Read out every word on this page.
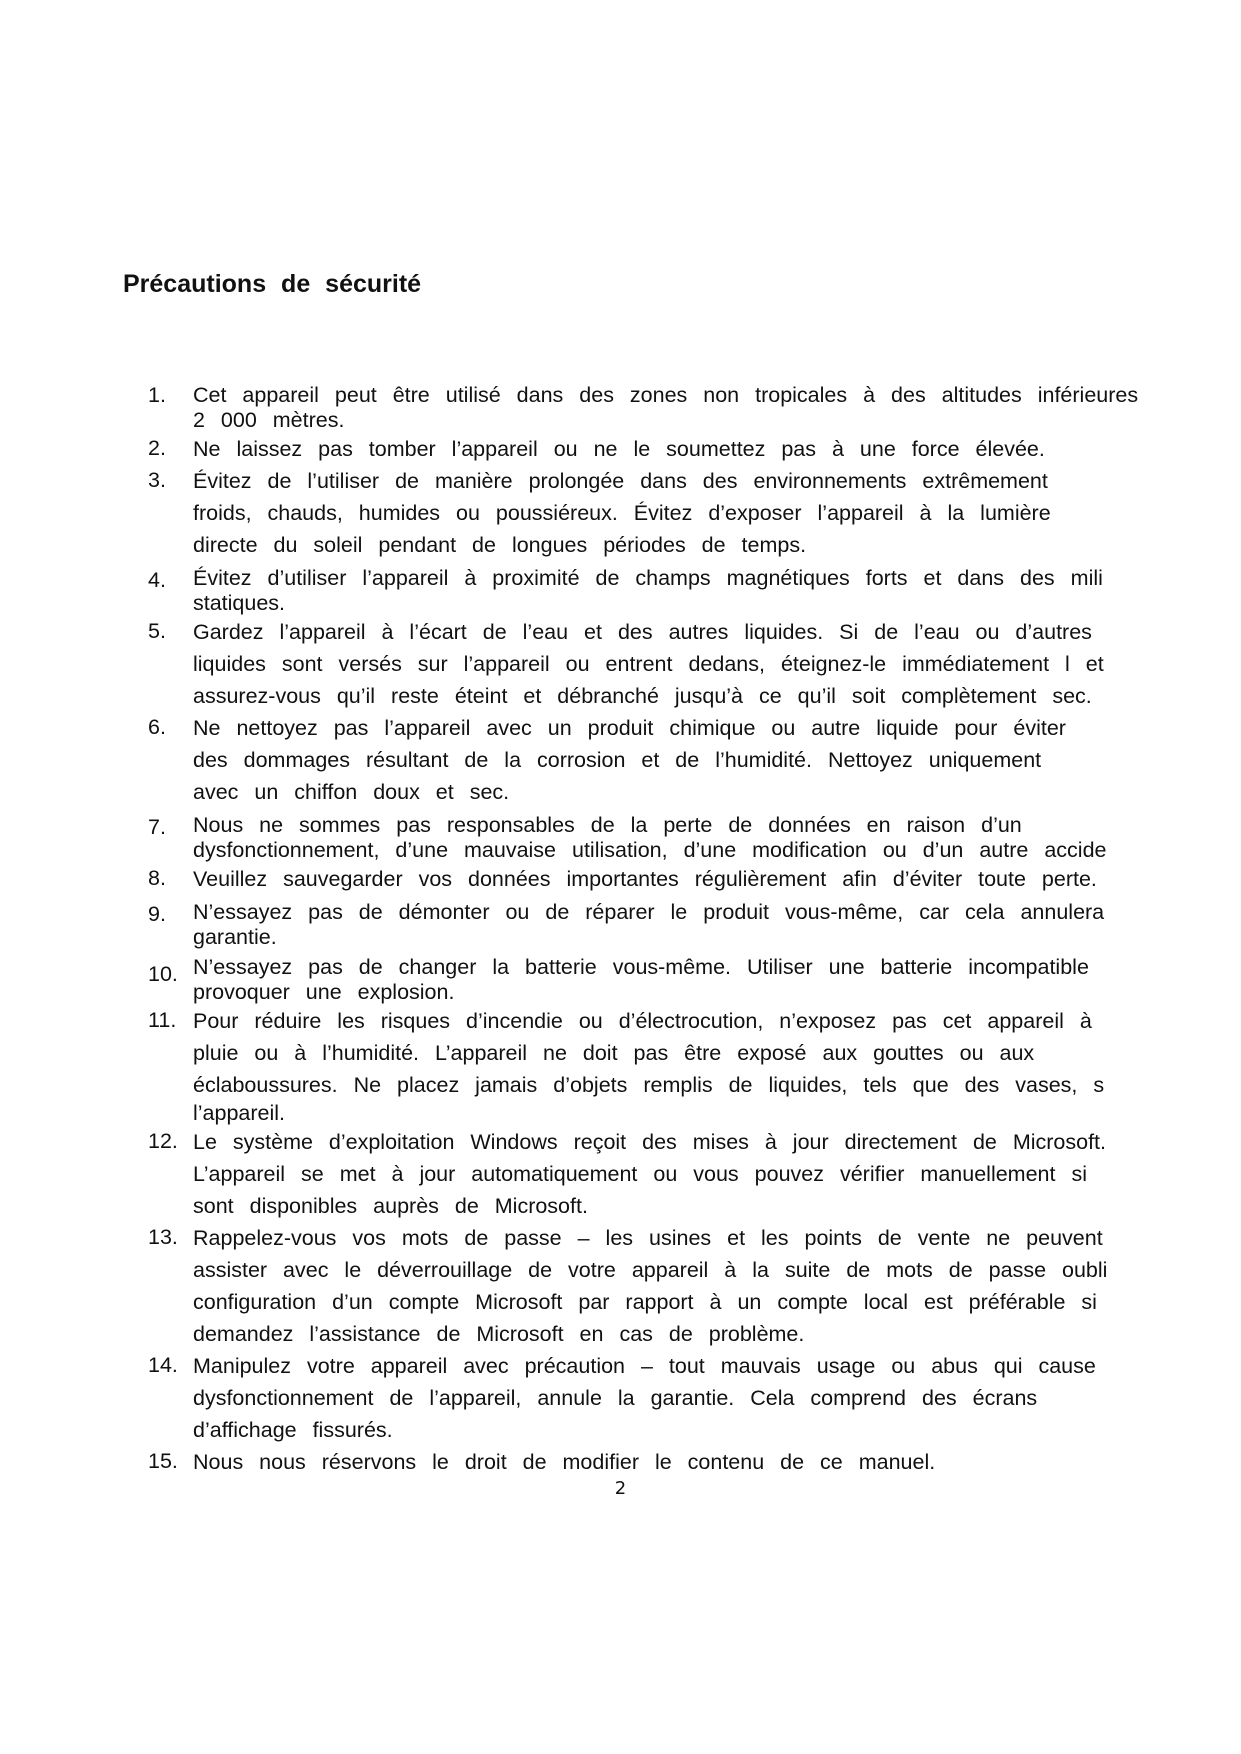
Précautions de sécurité
1.	Cet appareil peut être utilisé dans des zones non tropicales à des altitudes inférieures
2 000 mètres.
2.	Ne laissez pas tomber l’appareil ou ne le soumettez pas à une force élevée.
3.	Évitez de l’utiliser de manière prolongée dans des environnements extrêmement
froids, chauds, humides ou poussiéreux. Évitez d’exposer l’appareil à la lumière
directe du soleil pendant de longues périodes de temps.
4.	Évitez d’utiliser l’appareil à proximité de champs magnétiques forts et dans des mili
statiques.
5.	Gardez l’appareil à l’écart de l’eau et des autres liquides. Si de l’eau ou d’autres
liquides sont versés sur l’appareil ou entrent dedans, éteignez-le immédiatement l et
assurez-vous qu’il reste éteint et débranché jusqu’à ce qu’il soit complètement sec.
6.	Ne nettoyez pas l’appareil avec un produit chimique ou autre liquide pour éviter
des dommages résultant de la corrosion et de l’humidité. Nettoyez uniquement
avec un chiffon doux et sec.
7.	Nous ne sommes pas responsables de la perte de données en raison d’un
dysfonctionnement, d’une mauvaise utilisation, d’une modification ou d’un autre accide
8.	Veuillez sauvegarder vos données importantes régulièrement afin d’éviter toute perte.
9.	N’essayez pas de démonter ou de réparer le produit vous-même, car cela annulera
garantie.
10. N’essayez pas de changer la batterie vous-même. Utiliser une batterie incompatible
provoquer une explosion.
11. Pour réduire les risques d’incendie ou d’électrocution, n’exposez pas cet appareil à
pluie ou à l’humidité. L’appareil ne doit pas être exposé aux gouttes ou aux
éclaboussures. Ne placez jamais d’objets remplis de liquides, tels que des vases, s
l’appareil.
12. Le système d’exploitation Windows reçoit des mises à jour directement de Microsoft.
L’appareil se met à jour automatiquement ou vous pouvez vérifier manuellement si
sont disponibles auprès de Microsoft.
13. Rappelez-vous vos mots de passe – les usines et les points de vente ne peuvent
assister avec le déverrouillage de votre appareil à la suite de mots de passe oubli
configuration d’un compte Microsoft par rapport à un compte local est préférable si
demandez l’assistance de Microsoft en cas de problème.
14. Manipulez votre appareil avec précaution – tout mauvais usage ou abus qui cause
dysfonctionnement de l’appareil, annule la garantie. Cela comprend des écrans
d’affichage fissurés.
15. Nous nous réservons le droit de modifier le contenu de ce manuel.
2
